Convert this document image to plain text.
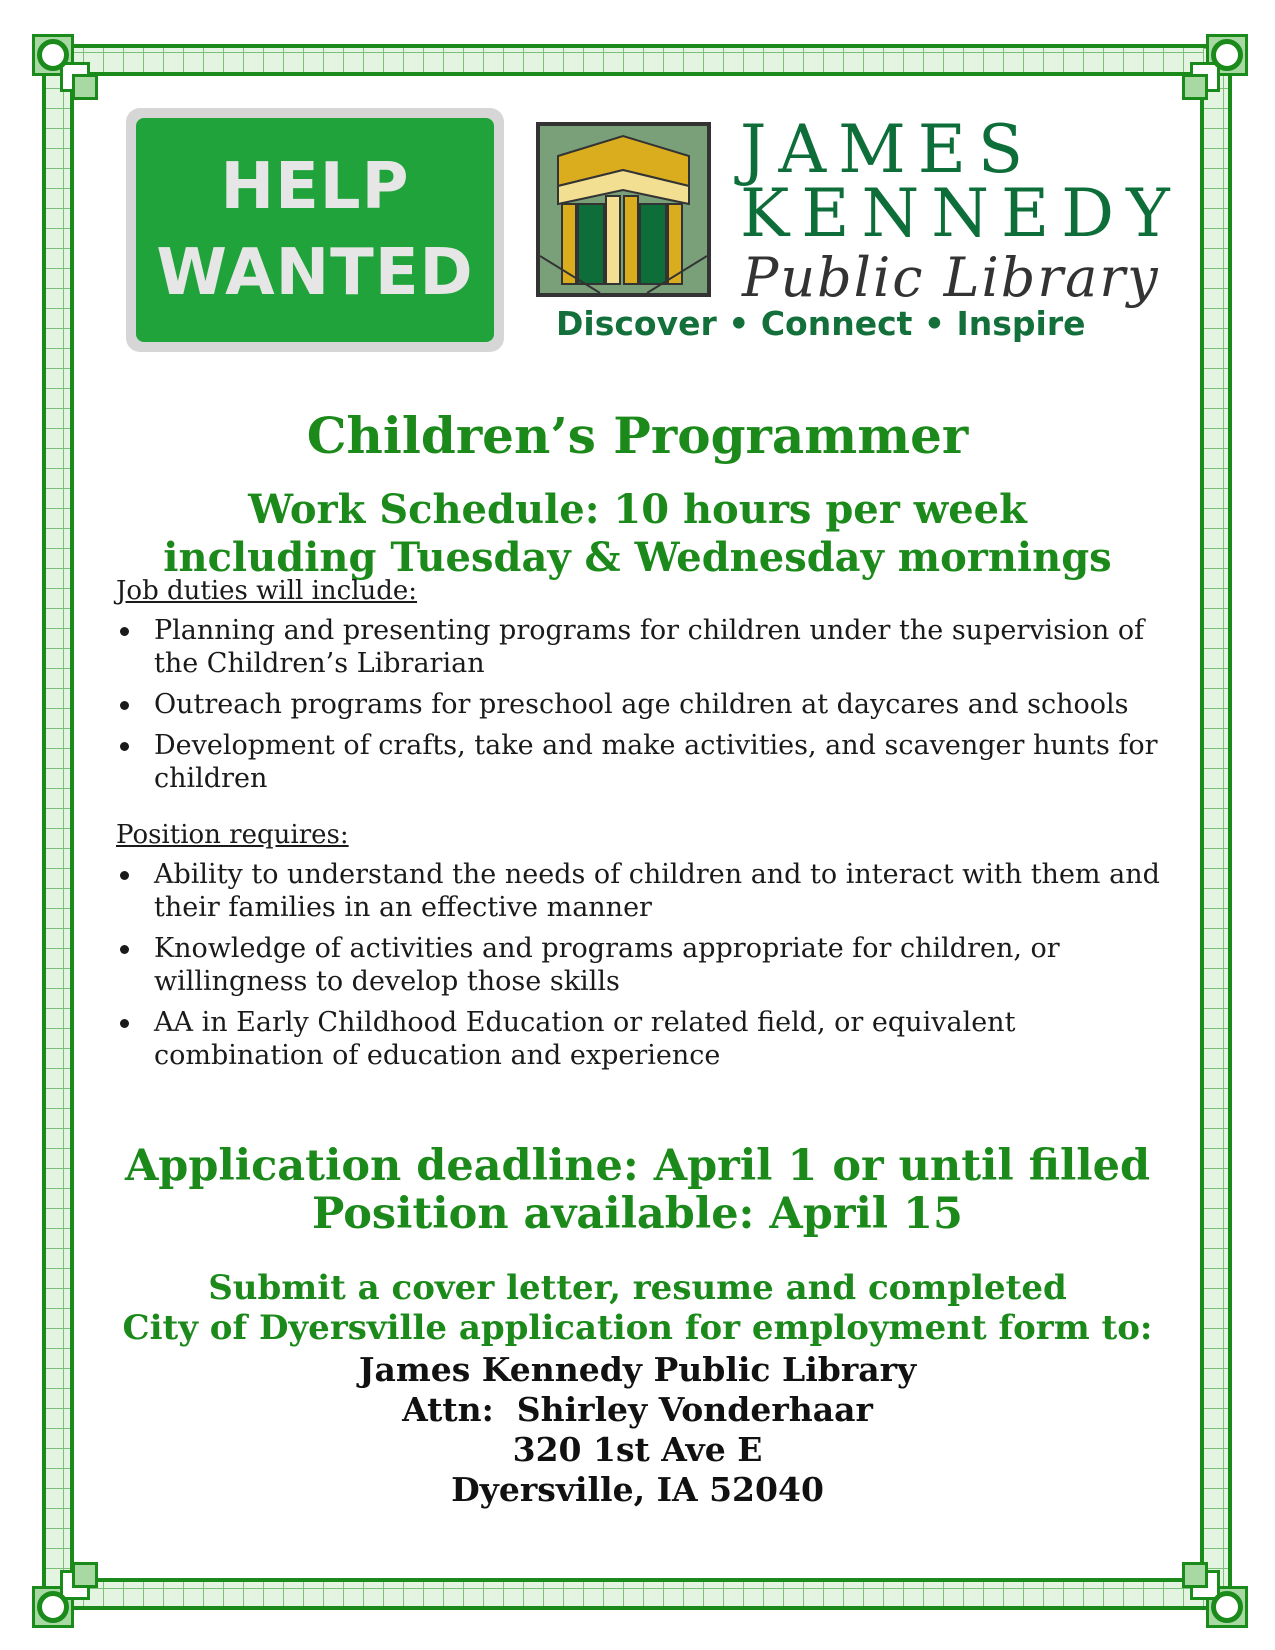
HELP
WANTED
JAMES
KENNEDY
Public Library
Discover • Connect • Inspire
Children’s Programmer
Work Schedule: 10 hours per week
including Tuesday & Wednesday mornings
Job duties will include:
Planning and presenting programs for children under the supervision of the Children’s Librarian
Outreach programs for preschool age children at daycares and schools
Development of crafts, take and make activities, and scavenger hunts for children
Position requires:
Ability to understand the needs of children and to interact with them and their families in an effective manner
Knowledge of activities and programs appropriate for children, or willingness to develop those skills
AA in Early Childhood Education or related field, or equivalent combination of education and experience
Application deadline: April 1 or until filled
Position available: April 15
Submit a cover letter, resume and completed
City of Dyersville application for employment form to:
James Kennedy Public Library
Attn:  Shirley Vonderhaar
320 1st Ave E
Dyersville, IA 52040
